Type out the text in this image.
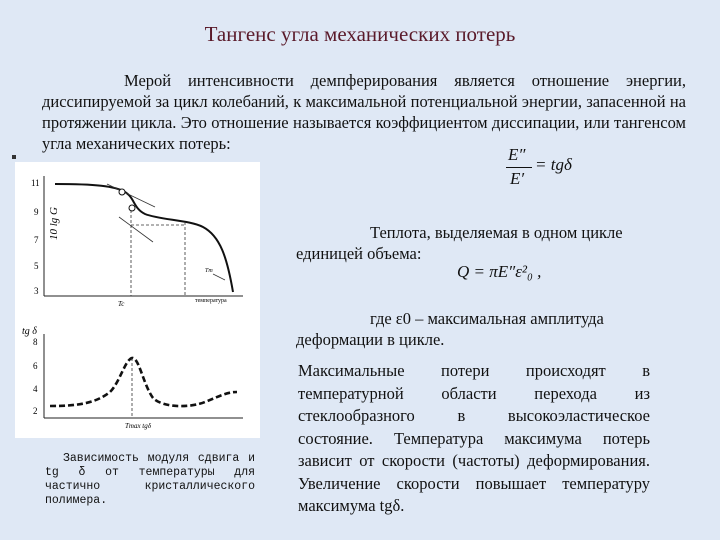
Тангенс угла механических потерь
Мерой интенсивности демпферирования является отношение энергии, диссипируемой за цикл колебаний, к максимальной потенциальной энергии, запасенной на протяжении цикла. Это отношение называется коэффициентом диссипации, или тангенсом угла механических потерь:
E″
E′
= tgδ
10 lg G
11
9
7
5
3
Tт
Tc	температура
tg δ
8
6
4
2
Tmax tgδ
Зависимость модуля сдвига и tg δ от температуры для частично кристаллического полимера.
Теплота, выделяемая в одном цикле единицей объема:
Q = πE″ε²₀ ,
где ε0 – максимальная амплитуда деформации в цикле.
Максимальные потери происходят в температурной области перехода из стеклообразного в высокоэластическое состояние. Температура максимума потерь зависит от скорости (частоты) деформирования. Увеличение скорости повышает температуру максимума tgδ.
